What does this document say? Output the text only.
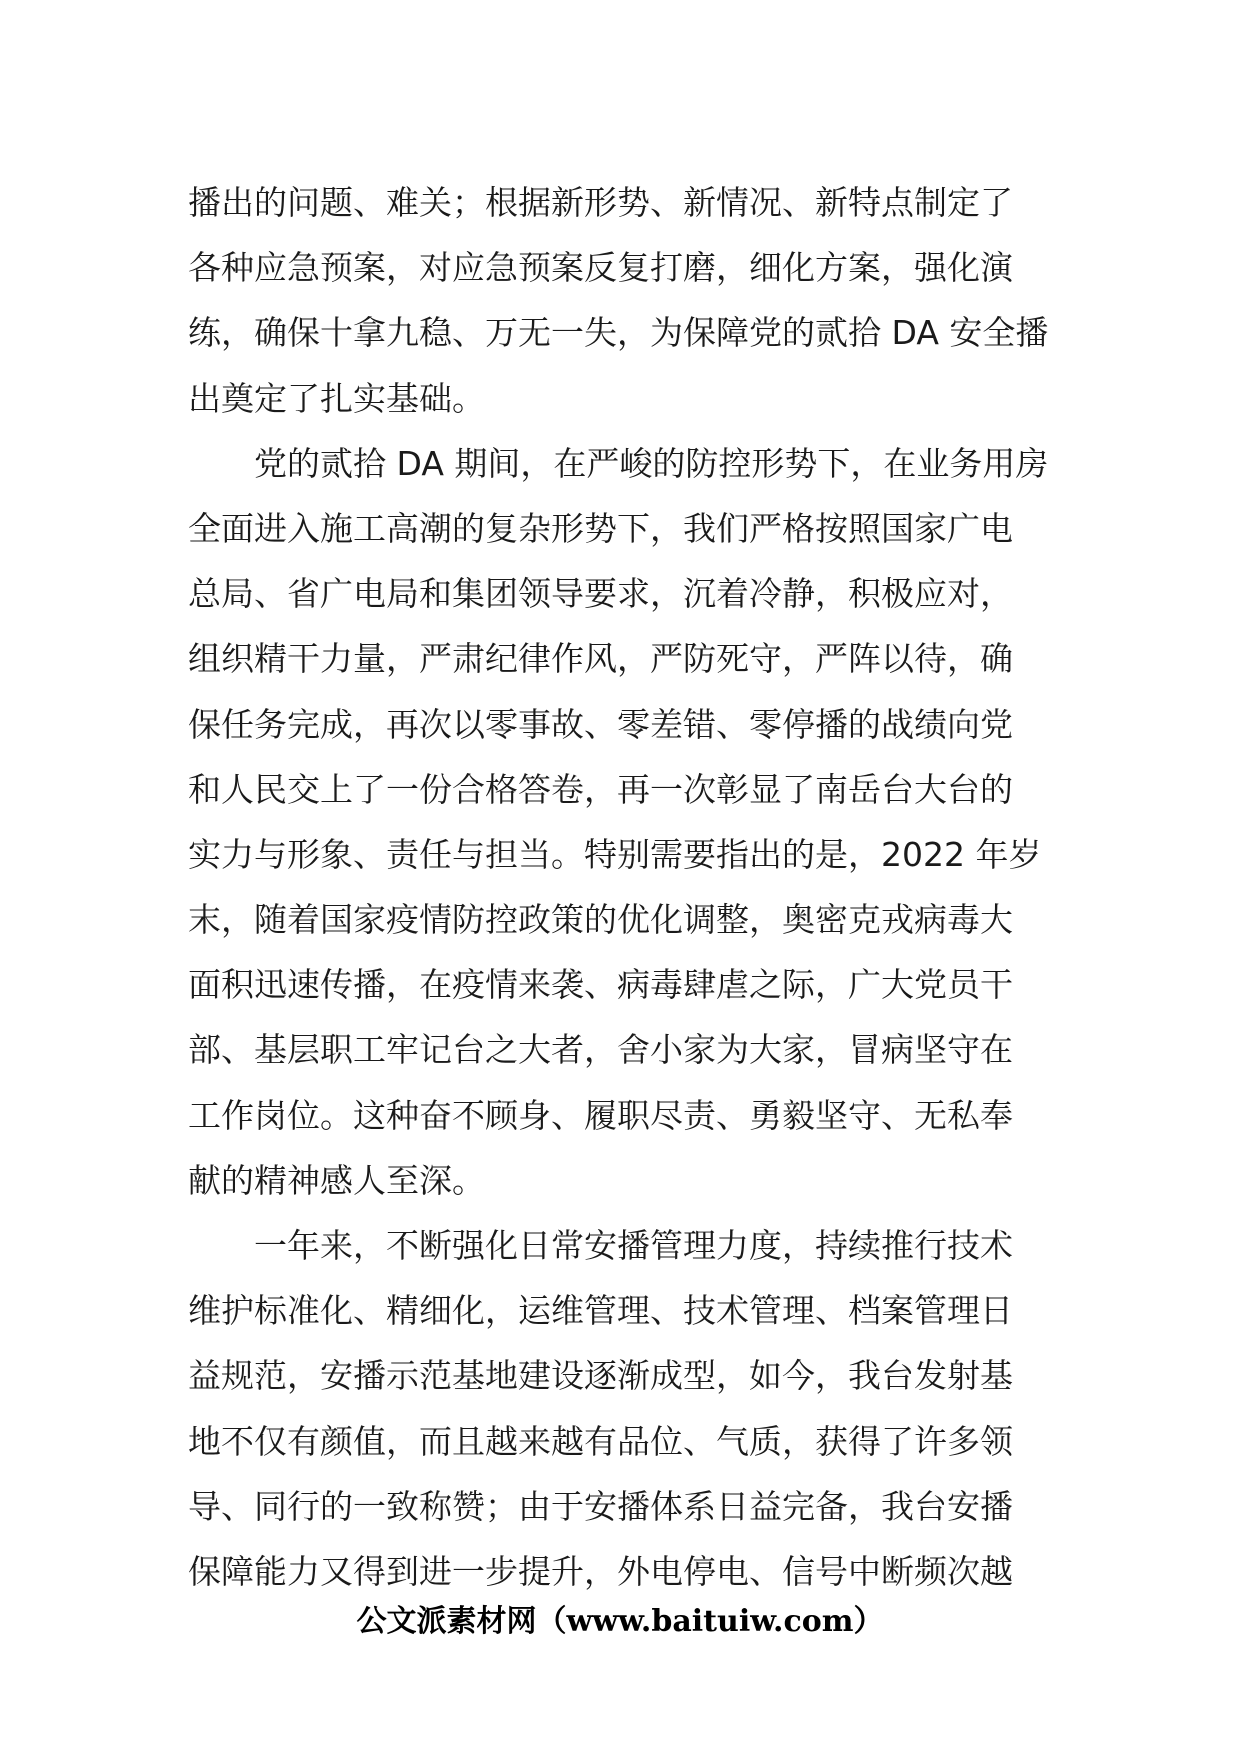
播出的问题、难关；根据新形势、新情况、新特点制定了
各种应急预案，对应急预案反复打磨，细化方案，强化演
练，确保十拿九稳、万无一失，为保障党的贰拾 DA 安全播
出奠定了扎实基础。
党的贰拾 DA 期间，在严峻的防控形势下，在业务用房
全面进入施工高潮的复杂形势下，我们严格按照国家广电
总局、省广电局和集团领导要求，沉着冷静，积极应对，
组织精干力量，严肃纪律作风，严防死守，严阵以待，确
保任务完成，再次以零事故、零差错、零停播的战绩向党
和人民交上了一份合格答卷，再一次彰显了南岳台大台的
实力与形象、责任与担当。特别需要指出的是，2022 年岁
末，随着国家疫情防控政策的优化调整，奥密克戎病毒大
面积迅速传播，在疫情来袭、病毒肆虐之际，广大党员干
部、基层职工牢记台之大者，舍小家为大家，冒病坚守在
工作岗位。这种奋不顾身、履职尽责、勇毅坚守、无私奉
献的精神感人至深。
一年来，不断强化日常安播管理力度，持续推行技术
维护标准化、精细化，运维管理、技术管理、档案管理日
益规范，安播示范基地建设逐渐成型，如今，我台发射基
地不仅有颜值，而且越来越有品位、气质，获得了许多领
导、同行的一致称赞；由于安播体系日益完备，我台安播
保障能力又得到进一步提升，外电停电、信号中断频次越
公文派素材网（www.baituiw.com）
